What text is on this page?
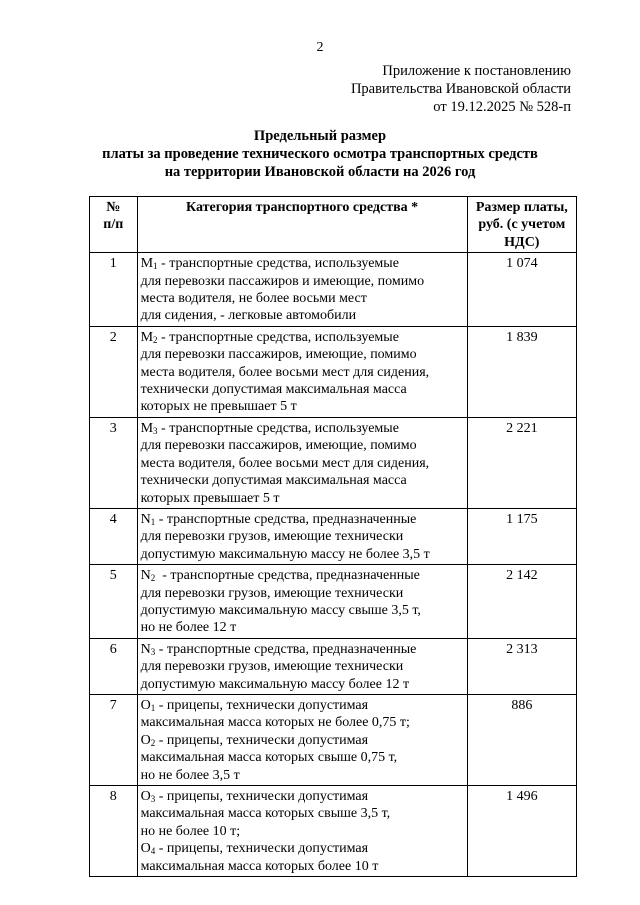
2
Приложение к постановлению
Правительства Ивановской области
от 19.12.2025 № 528-п
Предельный размер
платы за проведение технического осмотра транспортных средств
на территории Ивановской области на 2026 год
№
п/п	Категория транспортного средства *	Размер платы,
руб. (с учетом
НДС)

1	$M_1$ - транспортные средства, используемые
для перевозки пассажиров и имеющие, помимо
места водителя, не более восьми мест
для сидения, - легковые автомобили	1 074
2	$M_2$ - транспортные средства, используемые
для перевозки пассажиров, имеющие, помимо
места водителя, более восьми мест для сидения,
технически допустимая максимальная масса
которых не превышает 5 т	1 839
3	$M_3$ - транспортные средства, используемые
для перевозки пассажиров, имеющие, помимо
места водителя, более восьми мест для сидения,
технически допустимая максимальная масса
которых превышает 5 т	2 221
4	$N_1$ - транспортные средства, предназначенные
для перевозки грузов, имеющие технически
допустимую максимальную массу не более 3,5 т	1 175
5	$N_2$  - транспортные средства, предназначенные
для перевозки грузов, имеющие технически
допустимую максимальную массу свыше 3,5 т,
но не более 12 т	2 142
6	$N_3$ - транспортные средства, предназначенные
для перевозки грузов, имеющие технически
допустимую максимальную массу более 12 т	2 313
7	$O_1$ - прицепы, технически допустимая
максимальная масса которых не более 0,75 т;
$O_2$ - прицепы, технически допустимая
максимальная масса которых свыше 0,75 т,
но не более 3,5 т	886
8	$O_3$ - прицепы, технически допустимая
максимальная масса которых свыше 3,5 т,
но не более 10 т;
$O_4$ - прицепы, технически допустимая
максимальная масса которых более 10 т	1 496
